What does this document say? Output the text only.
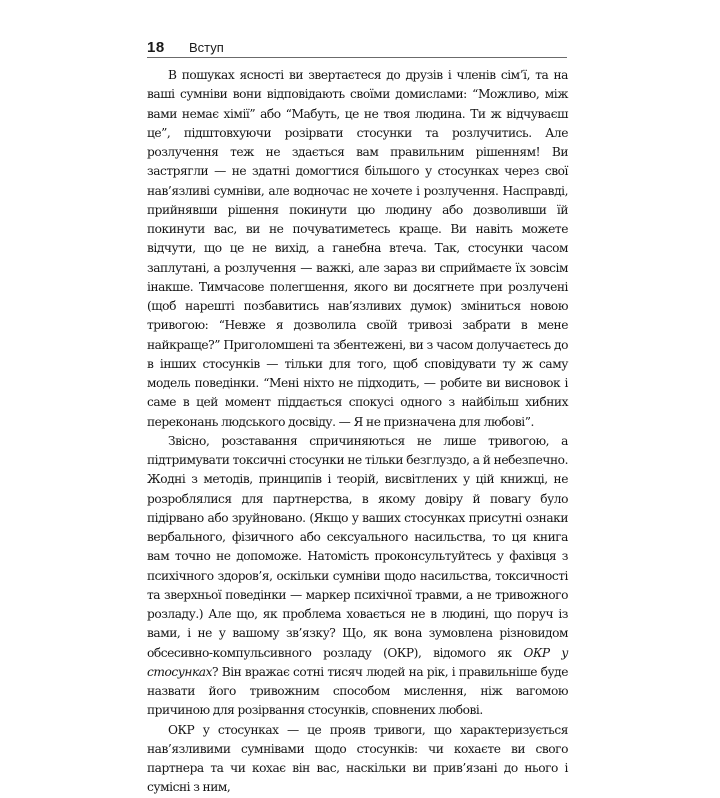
18 Вступ

В пошуках ясності ви звертаєтеся до друзів і членів сім’ї, та на ваші сумніви вони відповідають своїми домислами: “Можливо, між вами немає хімії” або “Мабуть, це не твоя людина. Ти ж відчуваєш це”, підштовхуючи розірвати стосунки та розлучитись. Але розлучення теж не здається вам правильним рішенням! Ви застрягли — не здатні домогтися більшого у стосунках через свої нав’язливі сумніви, але водночас не хочете і розлучення. Насправді, прийнявши рішення покинути цю людину або дозволивши їй покинути вас, ви не почуватиметесь краще. Ви навіть можете відчути, що це не вихід, а ганебна втеча. Так, стосунки часом заплутані, а розлучення — важкі, але зараз ви сприймаєте їх зовсім інакше. Тимчасове полегшення, якого ви досягнете при розлучені (щоб нарешті позбавитись нав’язливих думок) зміниться новою тривогою: “Невже я дозволила своїй тривозі забрати в мене найкраще?” Приголомшені та збентежені, ви з часом долучаєтесь до в інших стосунків — тільки для того, щоб сповідувати ту ж саму модель поведінки. “Мені ніхто не підходить, — робите ви висновок і саме в цей момент піддається спокусі одного з найбільш хибних переконань людського досвіду. — Я не призначена для любові”.

Звісно, розставання спричиняються не лише тривогою, а підтримувати токсичні стосунки не тільки безглуздо, а й небезпечно. Жодні з методів, принципів і теорій, висвітлених у цій книжці, не розроблялися для партнерства, в якому довіру й повагу було підірвано або зруйновано. (Якщо у ваших стосунках присутні ознаки вербального, фізичного або сексуального насильства, то ця книга вам точно не допоможе. Натомість проконсультуйтесь у фахівця з психічного здоров’я, оскільки сумніви щодо насильства, токсичності та зверхньої поведінки — маркер психічної травми, а не тривожного розладу.) Але що, як проблема ховається не в людині, що поруч із вами, і не у вашому зв’язку? Що, як вона зумовлена різновидом обсесивно-компульсивного розладу (ОКР), відомого як ОКР у стосунках? Він вражає сотні тисяч людей на рік, і правильніше буде назвати його тривожним способом мислення, ніж вагомою причиною для розірвання стосунків, сповнених любові.

ОКР у стосунках — це прояв тривоги, що характеризується нав’язливими сумнівами щодо стосунків: чи кохаєте ви свого партнера та чи кохає він вас, наскільки ви прив’язані до нього і сумісні з ним,
